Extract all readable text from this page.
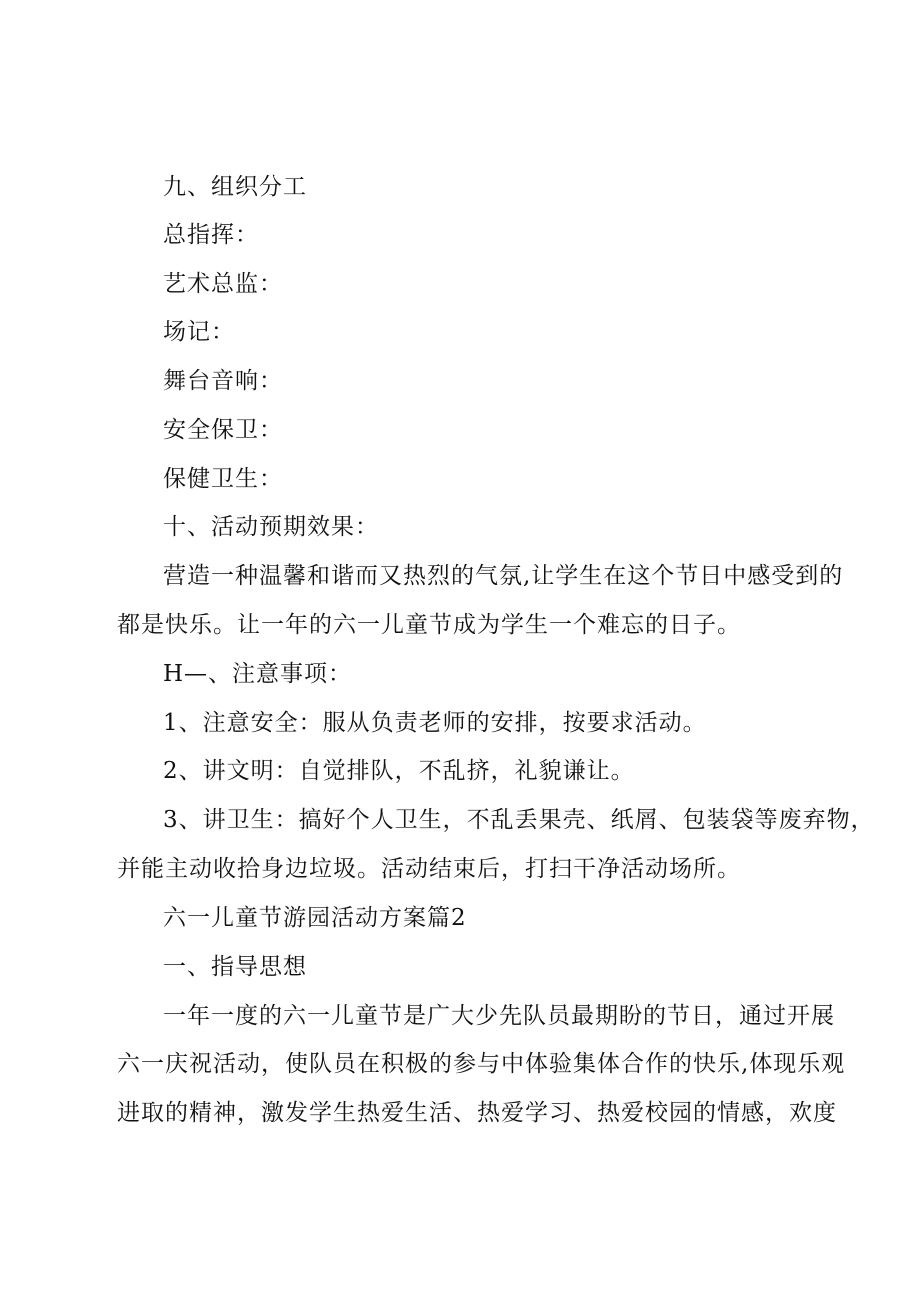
九、组织分工
总指挥：
艺术总监：
场记：
舞台音响：
安全保卫：
保健卫生：
十、活动预期效果：
营造一种温馨和谐而又热烈的气氛,让学生在这个节日中感受到的
都是快乐。让一年的六一儿童节成为学生一个难忘的日子。
H—、注意事项：
1、注意安全：服从负责老师的安排，按要求活动。
2、讲文明：自觉排队，不乱挤，礼貌谦让。
3、讲卫生：搞好个人卫生，不乱丢果壳、纸屑、包装袋等废弃物，
并能主动收拾身边垃圾。活动结束后，打扫干净活动场所。
六一儿童节游园活动方案篇2
一、指导思想
一年一度的六一儿童节是广大少先队员最期盼的节日，通过开展
六一庆祝活动，使队员在积极的参与中体验集体合作的快乐,体现乐观
进取的精神，激发学生热爱生活、热爱学习、热爱校园的情感，欢度
